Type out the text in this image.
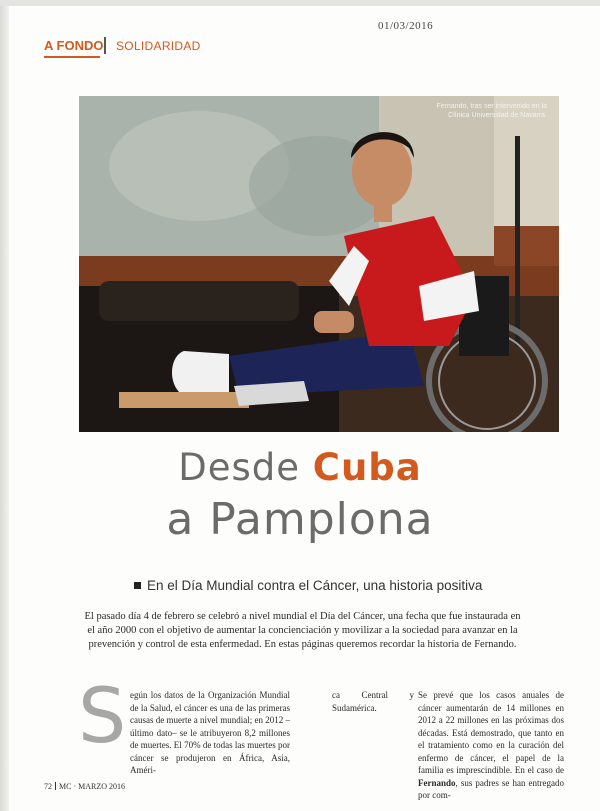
01/03/2016
A FONDO SOLIDARIDAD
Fernando, tras ser intervenido en la Clínica Universidad de Navarra.
Desde Cuba
a Pamplona
En el Día Mundial contra el Cáncer, una historia positiva
El pasado día 4 de febrero se celebró a nivel mundial el Día del Cáncer, una fecha que fue instaurada en el año 2000 con el objetivo de aumentar la concienciación y movilizar a la sociedad para avanzar en la prevención y control de esta enfermedad. En estas páginas queremos recordar la historia de Fernando.
S egún los datos de la Organización Mundial de la Salud, el cáncer es una de las primeras causas de muerte a nivel mundial; en 2012 –último dato– se le atribuyeron 8,2 millones de muertes. El 70% de todas las muertes por cáncer se produjeron en África, Asia, Améri-
ca Central y Sudamérica.
Se prevé que los casos anuales de cáncer aumentarán de 14 millones en 2012 a 22 millones en las próximas dos décadas. Está demostrado, que tanto en el tratamiento como en la curación del enfermo de cáncer, el papel de la familia es imprescindible. En el caso de Fernando, sus padres se han entregado por com-
72 MC · MARZO 2016
